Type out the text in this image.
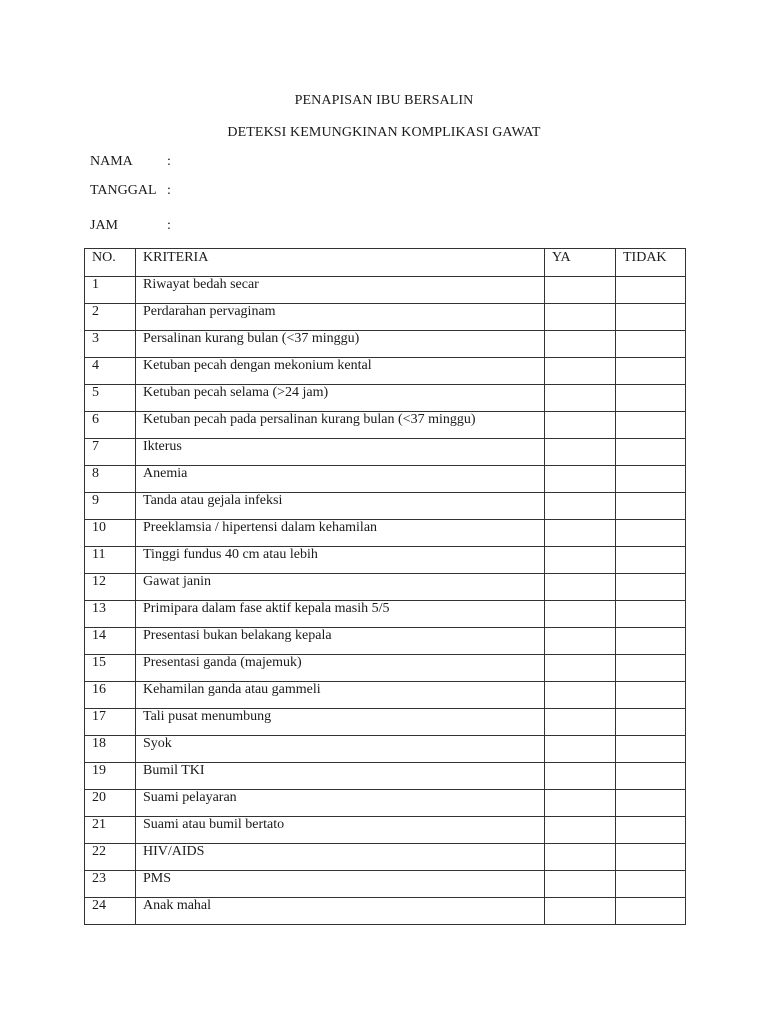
PENAPISAN IBU BERSALIN
DETEKSI KEMUNGKINAN KOMPLIKASI GAWAT
NAMA :
TANGGAL :
JAM	:
NO.	KRITERIA	YA	TIDAK
1	Riwayat bedah secar		
2	Perdarahan pervaginam		
3	Persalinan kurang bulan (<37 minggu)		
4	Ketuban pecah dengan mekonium kental		
5	Ketuban pecah selama (>24 jam)		
6	Ketuban pecah pada persalinan kurang bulan (<37 minggu)		
7	Ikterus		
8	Anemia		
9	Tanda atau gejala infeksi		
10	Preeklamsia / hipertensi dalam kehamilan		
11	Tinggi fundus 40 cm atau lebih		
12	Gawat janin		
13	Primipara dalam fase aktif kepala masih 5/5		
14	Presentasi bukan belakang kepala		
15	Presentasi ganda (majemuk)		
16	Kehamilan ganda atau gammeli		
17	Tali pusat menumbung		
18	Syok		
19	Bumil TKI		
20	Suami pelayaran		
21	Suami atau bumil bertato		
22	HIV/AIDS		
23	PMS		
24	Anak mahal		
